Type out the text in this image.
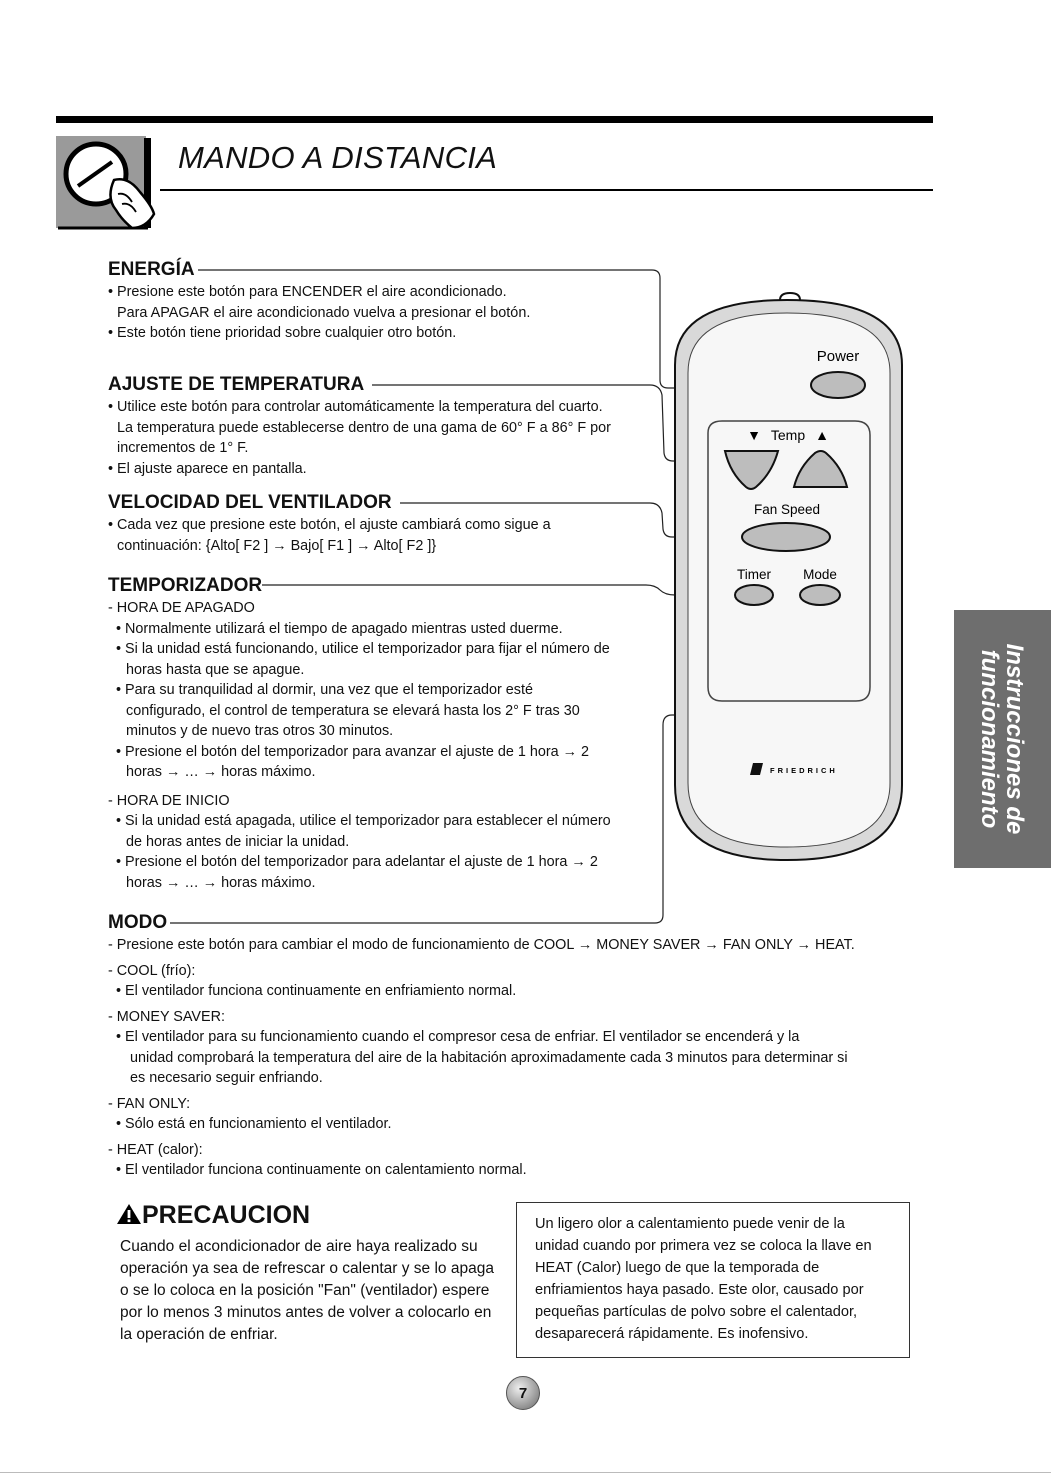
MANDO A DISTANCIA
Instrucciones de
funcionamiento
Power
▼ Temp ▲
Fan Speed
Timer Mode
FRIEDRICH
ENERGÍA
• Presione este botón para ENCENDER el aire acondicionado.
Para APAGAR el aire acondicionado vuelva a presionar el botón.
• Este botón tiene prioridad sobre cualquier otro botón.
AJUSTE DE TEMPERATURA
• Utilice este botón para controlar automáticamente la temperatura del cuarto.
La temperatura puede establecerse dentro de una gama de 60° F a 86° F por
incrementos de 1° F.
• El ajuste aparece en pantalla.
VELOCIDAD DEL VENTILADOR
• Cada vez que presione este botón, el ajuste cambiará como sigue a
continuación: {Alto[ F2 ] → Bajo[ F1 ] → Alto[ F2 ]}
TEMPORIZADOR
- HORA DE APAGADO
• Normalmente utilizará el tiempo de apagado mientras usted duerme.
• Si la unidad está funcionando, utilice el temporizador para fijar el número de
horas hasta que se apague.
• Para su tranquilidad al dormir, una vez que el temporizador esté
configurado, el control de temperatura se elevará hasta los 2° F tras 30
minutos y de nuevo tras otros 30 minutos.
• Presione el botón del temporizador para avanzar el ajuste de 1 hora → 2
horas → … → horas máximo.
- HORA DE INICIO
• Si la unidad está apagada, utilice el temporizador para establecer el número
de horas antes de iniciar la unidad.
• Presione el botón del temporizador para adelantar el ajuste de 1 hora → 2
horas → … → horas máximo.
MODO
- Presione este botón para cambiar el modo de funcionamiento de COOL → MONEY SAVER → FAN ONLY → HEAT.
- COOL (frío):
• El ventilador funciona continuamente en enfriamiento normal.
- MONEY SAVER:
• El ventilador para su funcionamiento cuando el compresor cesa de enfriar. El ventilador se encenderá y la
unidad comprobará la temperatura del aire de la habitación aproximadamente cada 3 minutos para determinar si
es necesario seguir enfriando.
- FAN ONLY:
• Sólo está en funcionamiento el ventilador.
- HEAT (calor):
• El ventilador funciona continuamente on calentamiento normal.
PRECAUCION
Cuando el acondicionador de aire haya realizado su
operación ya sea de refrescar o calentar y se lo apaga
o se lo coloca en la posición "Fan" (ventilador) espere
por lo menos 3 minutos antes de volver a colocarlo en
la operación de enfriar.
Un ligero olor a calentamiento puede venir de la
unidad cuando por primera vez se coloca la llave en
HEAT (Calor) luego de que la temporada de
enfriamientos haya pasado. Este olor, causado por
pequeñas partículas de polvo sobre el calentador,
desaparecerá rápidamente. Es inofensivo.
7
